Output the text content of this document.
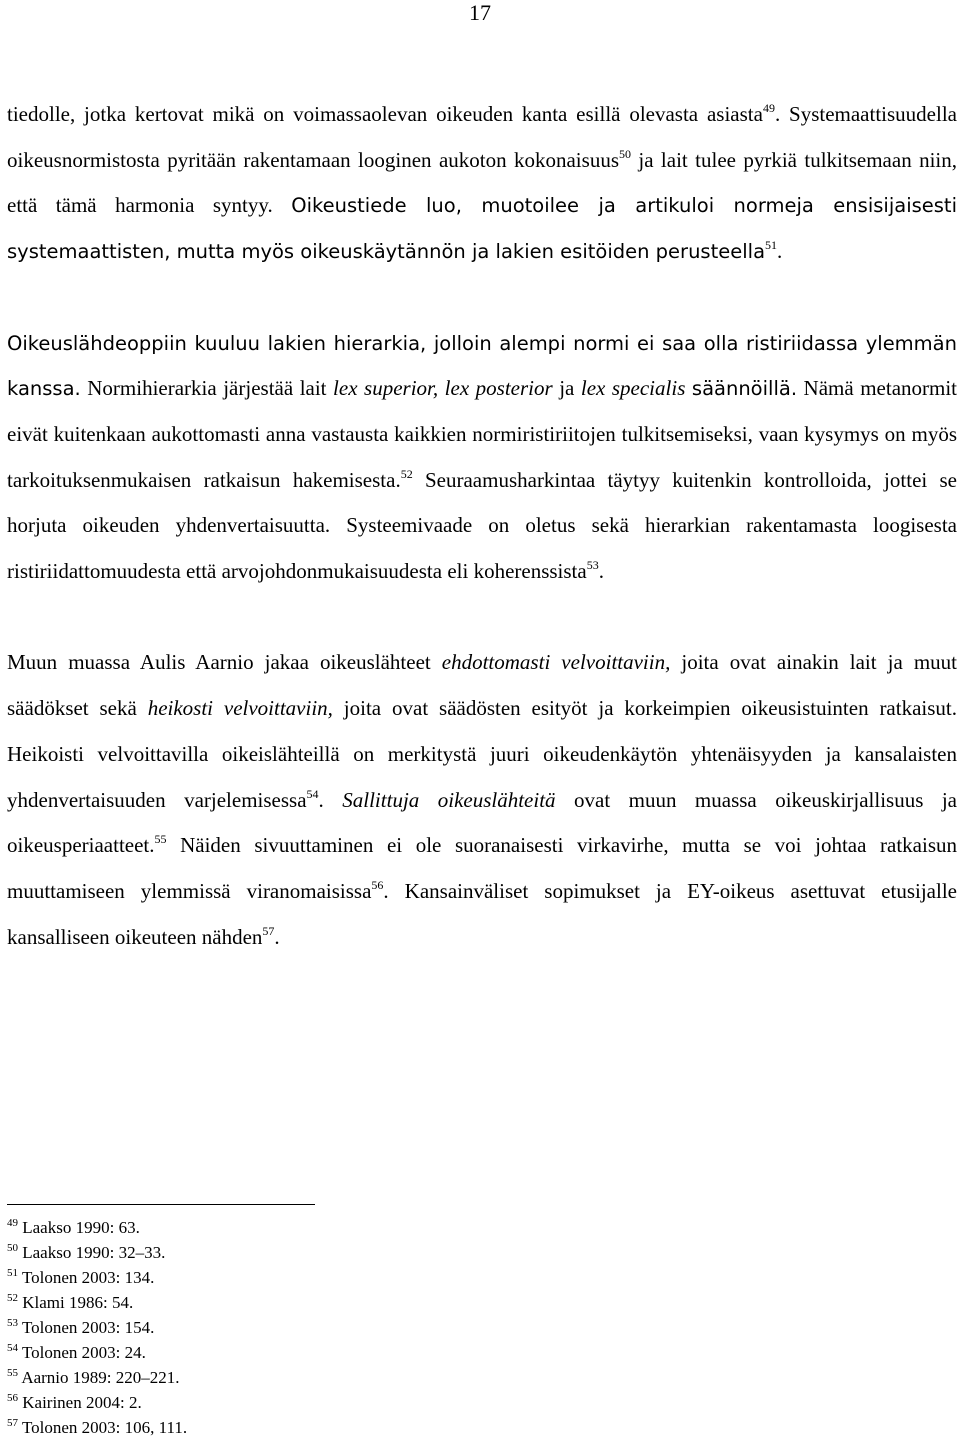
17

tiedolle, jotka kertovat mikä on voimassaolevan oikeuden kanta esillä olevasta asiasta$^{49}$. Systemaattisuudella oikeusnormistosta pyritään rakentamaan looginen aukoton kokonaisuus$^{50}$ ja lait tulee pyrkiä tulkitsemaan niin, että tämä harmonia syntyy. Oikeustiede luo, muotoilee ja artikuloi normeja ensisijaisesti systemaattisten, mutta myös oikeuskäytännön ja lakien esitöiden perusteella$^{51}$.

Oikeuslähdeoppiin kuuluu lakien hierarkia, jolloin alempi normi ei saa olla ristiriidassa ylemmän kanssa. Normihierarkia järjestää lait lex superior, lex posterior ja lex specialis säännöillä. Nämä metanormit eivät kuitenkaan aukottomasti anna vastausta kaikkien normiristiriitojen tulkitsemiseksi, vaan kysymys on myös tarkoituksenmukaisen ratkaisun hakemisesta.$^{52}$ Seuraamusharkintaa täytyy kuitenkin kontrolloida, jottei se horjuta oikeuden yhdenvertaisuutta. Systeemivaade on oletus sekä hierarkian rakentamasta loogisesta ristiriidattomuudesta että arvojohdonmukaisuudesta eli koherenssista$^{53}$.

Muun muassa Aulis Aarnio jakaa oikeuslähteet ehdottomasti velvoittaviin, joita ovat ainakin lait ja muut säädökset sekä heikosti velvoittaviin, joita ovat säädösten esityöt ja korkeimpien oikeusistuinten ratkaisut. Heikoisti velvoittavilla oikeislähteillä on merkitystä juuri oikeudenkäytön yhtenäisyyden ja kansalaisten yhdenvertaisuuden varjelemisessa$^{54}$. Sallittuja oikeuslähteitä ovat muun muassa oikeuskirjallisuus ja oikeusperiaatteet.$^{55}$ Näiden sivuuttaminen ei ole suoranaisesti virkavirhe, mutta se voi johtaa ratkaisun muuttamiseen ylemmissä viranomaisissa$^{56}$. Kansainväliset sopimukset ja EY-oikeus asettuvat etusijalle kansalliseen oikeuteen nähden$^{57}$.

$^{49}$ Laakso 1990: 63.
$^{50}$ Laakso 1990: 32–33.
$^{51}$ Tolonen 2003: 134.
$^{52}$ Klami 1986: 54.
$^{53}$ Tolonen 2003: 154.
$^{54}$ Tolonen 2003: 24.
$^{55}$ Aarnio 1989: 220–221.
$^{56}$ Kairinen 2004: 2.
$^{57}$ Tolonen 2003: 106, 111.
